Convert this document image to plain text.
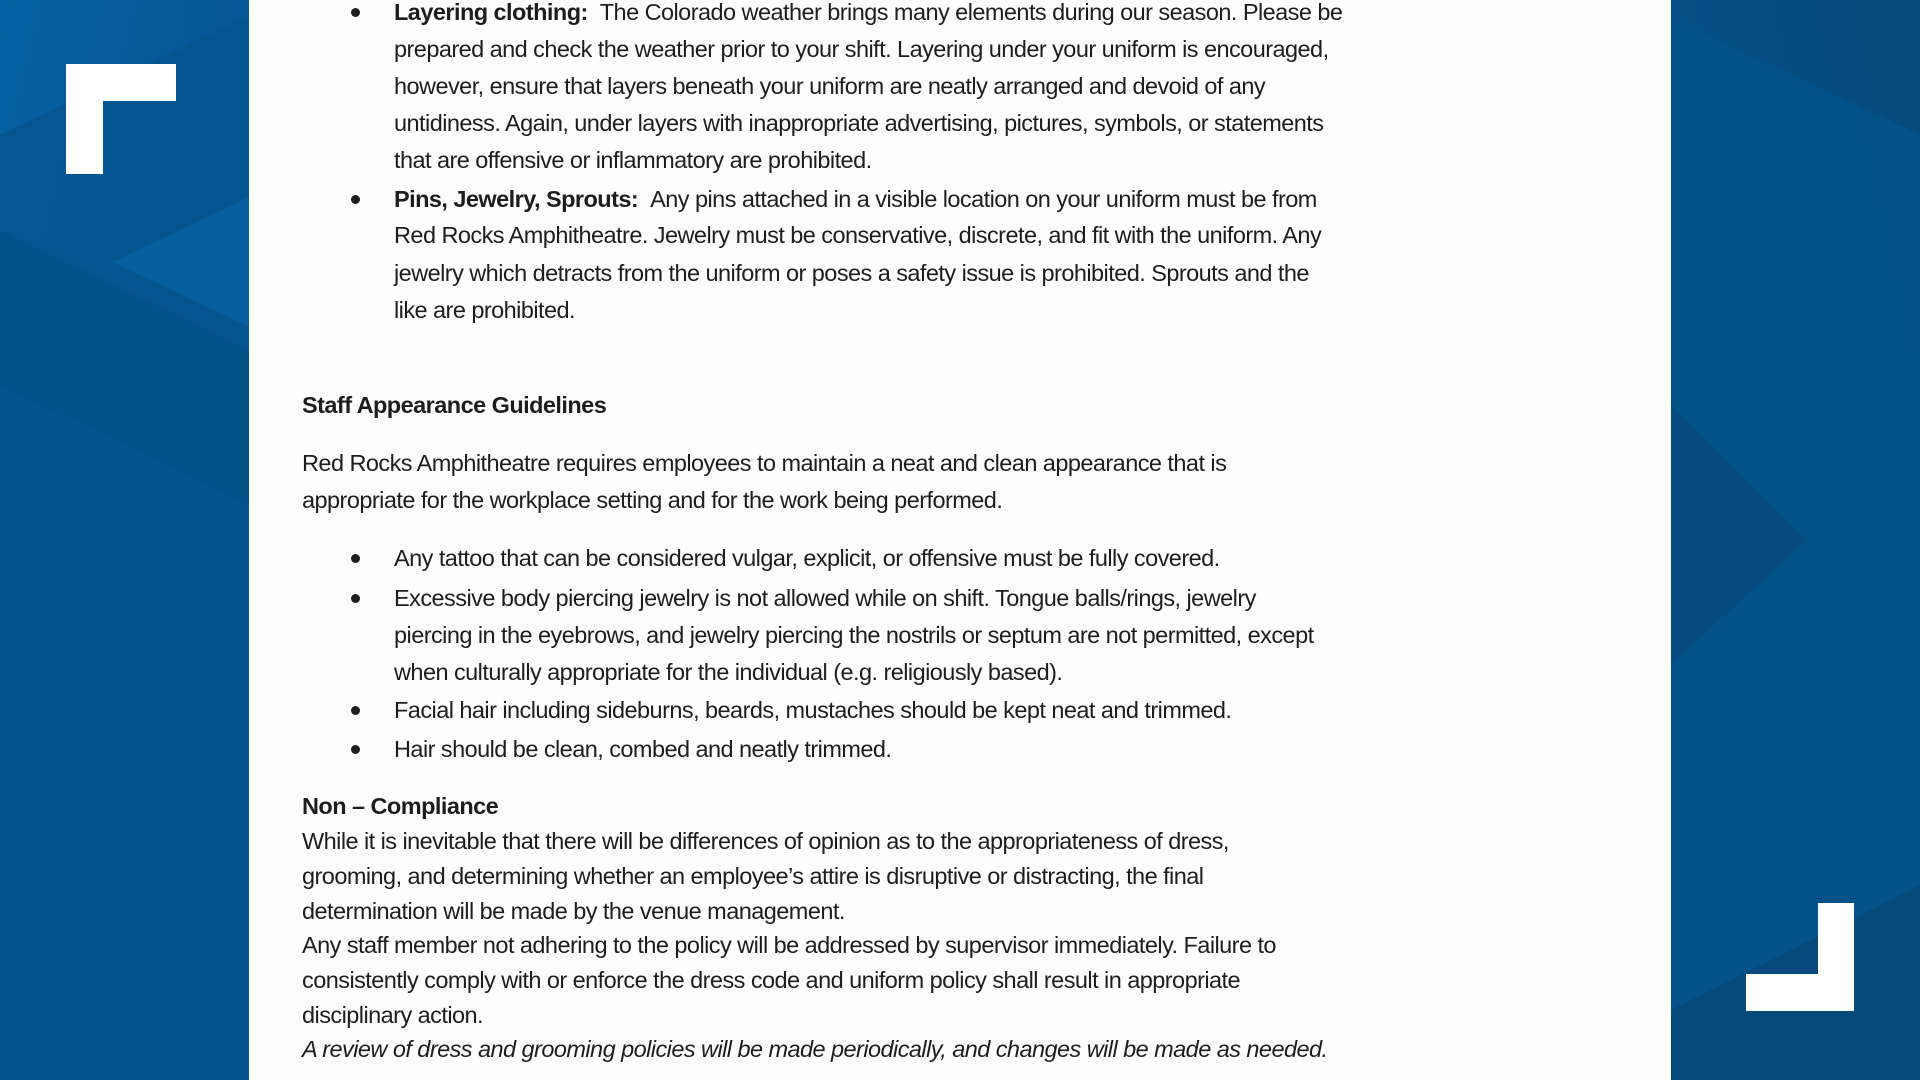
Layering clothing: The Colorado weather brings many elements during our season. Please be
prepared and check the weather prior to your shift. Layering under your uniform is encouraged,
however, ensure that layers beneath your uniform are neatly arranged and devoid of any
untidiness. Again, under layers with inappropriate advertising, pictures, symbols, or statements
that are offensive or inflammatory are prohibited.
Pins, Jewelry, Sprouts: Any pins attached in a visible location on your uniform must be from
Red Rocks Amphitheatre. Jewelry must be conservative, discrete, and fit with the uniform. Any
jewelry which detracts from the uniform or poses a safety issue is prohibited. Sprouts and the
like are prohibited.
Staff Appearance Guidelines
Red Rocks Amphitheatre requires employees to maintain a neat and clean appearance that is
appropriate for the workplace setting and for the work being performed.
Any tattoo that can be considered vulgar, explicit, or offensive must be fully covered.
Excessive body piercing jewelry is not allowed while on shift. Tongue balls/rings, jewelry
piercing in the eyebrows, and jewelry piercing the nostrils or septum are not permitted, except
when culturally appropriate for the individual (e.g. religiously based).
Facial hair including sideburns, beards, mustaches should be kept neat and trimmed.
Hair should be clean, combed and neatly trimmed.
Non – Compliance
While it is inevitable that there will be differences of opinion as to the appropriateness of dress,
grooming, and determining whether an employee’s attire is disruptive or distracting, the final
determination will be made by the venue management.
Any staff member not adhering to the policy will be addressed by supervisor immediately. Failure to
consistently comply with or enforce the dress code and uniform policy shall result in appropriate
disciplinary action.
A review of dress and grooming policies will be made periodically, and changes will be made as needed.
